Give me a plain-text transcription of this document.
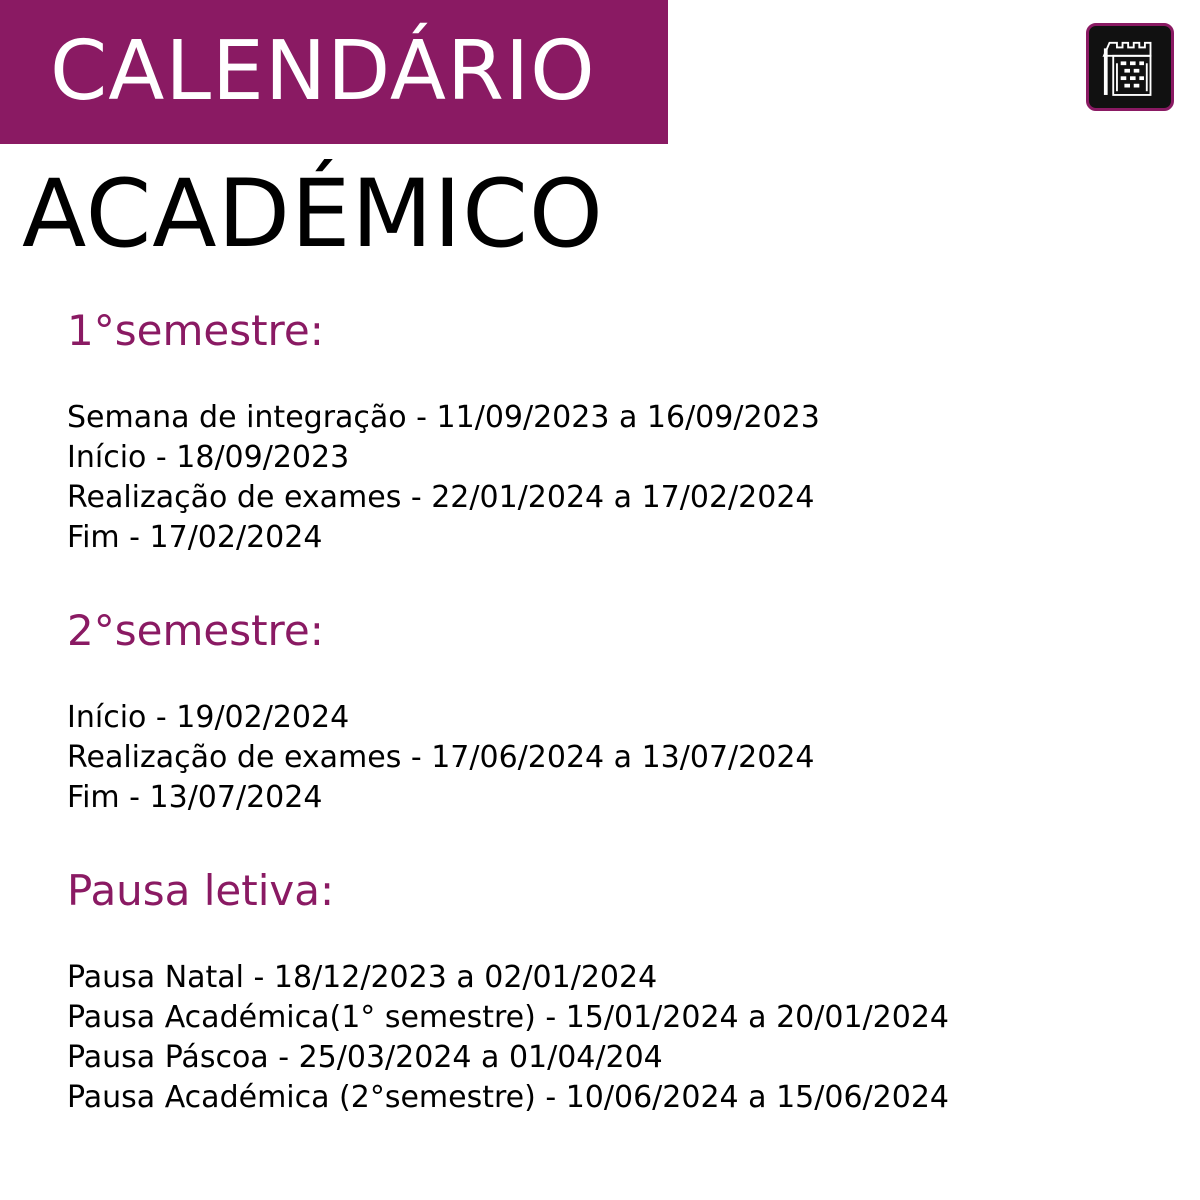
CALENDÁRIO
ACADÉMICO
1°semestre:
Semana de integração - 11/09/2023 a 16/09/2023
Início - 18/09/2023
Realização de exames - 22/01/2024 a 17/02/2024
Fim - 17/02/2024
2°semestre:
Início - 19/02/2024
Realização de exames - 17/06/2024 a 13/07/2024
Fim - 13/07/2024
Pausa letiva:
Pausa Natal - 18/12/2023 a 02/01/2024
Pausa Académica(1° semestre) - 15/01/2024 a 20/01/2024
Pausa Páscoa - 25/03/2024 a 01/04/204
Pausa Académica (2°semestre) - 10/06/2024 a 15/06/2024
